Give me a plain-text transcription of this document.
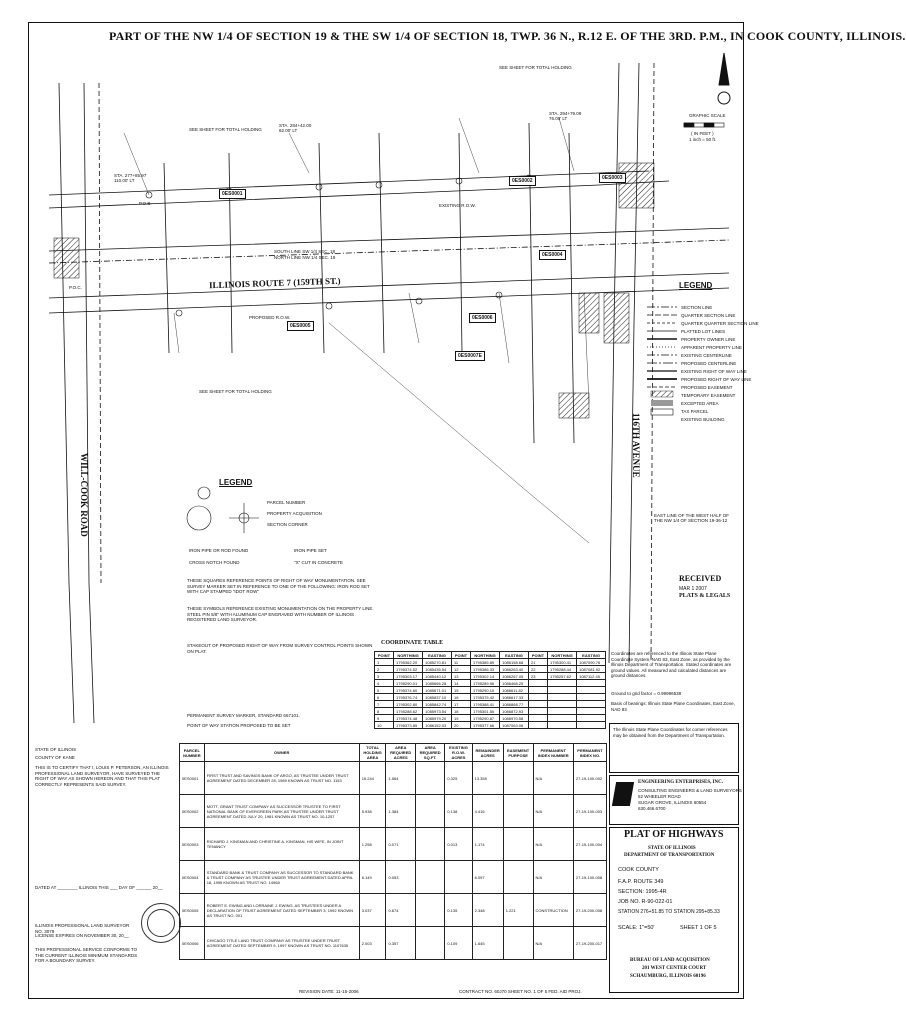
PART OF THE NW 1/4 OF SECTION 19 & THE SW 1/4 OF SECTION 18, TWP. 36 N., R.12 E. OF THE 3RD. P.M., IN COOK COUNTY, ILLINOIS.
ILLINOIS ROUTE 7 (159TH ST.)
WILL-COOK ROAD
116TH AVENUE
SEE SHEET FOR TOTAL HOLDING
SEE SHEET FOR TOTAL HOLDING
SEE SHEET FOR TOTAL HOLDING
STA. 277+85.97
110.00' LT
STA. 284+42.00
82.00' LT
STA. 294+79.09
76.00' LT
P.O.B.
P.O.C.
NORTH LINE NW 1/4 SEC. 19
SOUTH LINE SW 1/4 SEC. 18
EXISTING R.O.W.
PROPOSED R.O.W.
EAST LINE OF THE WEST HALF OF
THE NW 1/4 OF SECTION 19-36-12
0ES0001
0ES0002	0ES0003
0ES0004
0ES0005
0ES0006
0ES0007E
GRAPHIC SCALE
( IN FEET )
1 inch = 50 ft.
LEGEND
SECTION LINE
QUARTER SECTION LINE
QUARTER QUARTER SECTION LINE
PLATTED LOT LINES
PROPERTY OWNER LINE
APPARENT PROPERTY LINE
EXISTING CENTERLINE
PROPOSED CENTERLINE
EXISTING RIGHT OF WAY LINE
PROPOSED RIGHT OF WAY LINE
PROPOSED EASEMENT
TEMPORARY EASEMENT
EXCEPTED AREA
TAX PARCEL
EXISTING BUILDING
LEGEND
PARCEL NUMBER
PROPERTY ACQUISITION
SECTION CORNER
IRON PIPE OR ROD FOUND	IRON PIPE SET
CROSS NOTCH FOUND	"X" CUT IN CONCRETE
THESE SQUARES REFERENCE POINTS OF RIGHT OF WAY MONUMENTATION. SEE SURVEY MARKER SET IN REFERENCE TO ONE OF THE FOLLOWING: IRON ROD SET WITH CAP STAMPED "IDOT ROW"
THESE SYMBOLS REFERENCE EXISTING MONUMENTATION ON THE PROPERTY LINE. STEEL PIN 5/8" WITH ALUMINUM CAP ENGRAVED WITH NUMBER OF ILLINOIS REGISTERED LAND SURVEYOR.
STAKEOUT OF PROPOSED RIGHT OF WAY FROM SURVEY CONTROL POINTS SHOWN ON PLAT.
PERMANENT SURVEY MARKER, STANDARD 667101.
POINT OF WAY STATION PROPOSED TO BE SET
RECEIVED
MAR 1 2007
PLATS & LEGALS
COORDINATE TABLE
POINT	NORTHING	EASTING	POINT	NORTHING	EASTING	POINT	NORTHING	EASTING
1	1795362.20	1085270.81	11	1795385.89	1086158.68	21	1795300.41	1087090.76
2	1795374.52	1085435.54	12	1795386.33	1086263.40	22	1795288.44	1087081.92
3	1795303.17	1085440.12	13	1795302.14	1086267.05	23	1795257.62	1087112.45
4	1795290.01	1085666.28	14	1795289.96	1086468.25			
5	1795374.60	1085671.01	15	1795290.10	1086611.82			
6	1795376.74	1085837.10	16	1795375.42	1086617.33			
7	1795302.80	1085842.74	17	1795388.41	1086868.77			
8	1795288.62	1085973.54	18	1795301.55	1086872.93			
9	1795374.48	1085979.20	19	1795290.87	1086970.58			
10	1795373.85	1086152.03	20	1795377.66	1087063.06			
Coordinates are referenced to the Illinois State Plane Coordinate System, NAD 83, East Zone, as provided by the Illinois Department of Transportation. Stated coordinates are ground values. All measured and calculated distances are ground distances.
Ground to grid factor = 0.99996538
Basis of bearings: Illinois State Plane Coordinates, East Zone, NAD 83
The Illinois State Plane Coordinates for corner references may be obtained from the Department of Transportation.
STATE OF ILLINOIS
COUNTY OF KANE
THIS IS TO CERTIFY THAT I, LOUIS P. PETERSON, AN ILLINOIS PROFESSIONAL LAND SURVEYOR, HAVE SURVEYED THE RIGHT OF WAY AS SHOWN HEREON AND THAT THIS PLAT CORRECTLY REPRESENTS SAID SURVEY.
DATED AT ________ ILLINOIS THIS ___ DAY OF ______ 20__
ILLINOIS PROFESSIONAL LAND SURVEYOR NO. 3079
LICENSE EXPIRES ON NOVEMBER 30, 20__
THIS PROFESSIONAL SERVICE CONFORMS TO THE CURRENT ILLINOIS MINIMUM STANDARDS FOR A BOUNDARY SURVEY.
PARCEL NUMBER	OWNER	TOTAL HOLDING AREA	AREA REQUIRED ACRES	AREA REQUIRED SQ.FT.	EXISTING R.O.W. ACRES	REMAINDER ACRES	EASEMENT PURPOSE	PERMANENT INDEX NUMBER	PERMANENT INDEX NO.
0ES0001	FIRST TRUST AND SAVINGS BANK OF ARGO, AS TRUSTEE UNDER TRUST AGREEMENT DATED DECEMBER 28, 1989 KNOWN AS TRUST NO. 1153	15.244	1.564		0.325	13.355		N/A	27-19-100-002
0ES0002	MOTT, GRANT TRUST COMPANY AS SUCCESSOR TRUSTEE TO FIRST NATIONAL BANK OF EVERGREEN PARK AS TRUSTEE UNDER TRUST AGREEMENT DATED JULY 20, 1981 KNOWN AS TRUST NO. 10-1257	5.938	1.384		0.138	4.416		N/A	27-19-100-003
0ES0003	RICHARD J. KINSMAN AND CHRISTINE A. KINSMAN, HIS WIFE, IN JOINT TENANCY	1.258	0.071		0.013	1.174		N/A	27-19-100-004
0ES0004	STANDARD BANK & TRUST COMPANY AS SUCCESSOR TO STANDARD BANK & TRUST COMPANY AS TRUSTEE UNDER TRUST AGREEMENT DATED APRIL 18, 1995 KNOWN AS TRUST NO. 14968	6.149	0.053			6.097		N/A	27-19-100-008
0ES0005	ROBERT E. EWING AND LORRAINE J. EWING, AS TRUSTEES UNDER A DECLARATION OF TRUST AGREEMENT DATED SEPTEMBER 3, 1992 KNOWN AS TRUST NO. 001	3.037	0.674		0.135	2.348	1.221	CONSTRUCTION	27-19-200-008
0ES0006	CHICAGO TITLE LAND TRUST COMPANY AS TRUSTEE UNDER TRUST AGREEMENT DATED SEPTEMBER 9, 1997 KNOWN AS TRUST NO. 1107635	2.003	0.357		0.109	1.645		N/A	27-19-200-017
ENGINEERING ENTERPRISES, INC.
CONSULTING ENGINEERS & LAND SURVEYORS
52 WHEELER ROAD
SUGAR GROVE, ILLINOIS 60554
630.466.6700
PLAT OF HIGHWAYS
STATE OF ILLINOIS
DEPARTMENT OF TRANSPORTATION
COOK COUNTY
F.A.P. ROUTE 349
SECTION: 1995-4R
JOB NO. R-90-022-01
STATION 276+51.85 TO STATION 295+85.33
SCALE: 1"=50'	SHEET 1 OF 5
BUREAU OF LAND ACQUISITION
201 WEST CENTER COURT
SCHAUMBURG, ILLINOIS 60196
REVISION DATE: 11-15-2006	CONTRACT NO. 60J70 SHEET NO. 1 OF 5 FED. AID PROJ.
